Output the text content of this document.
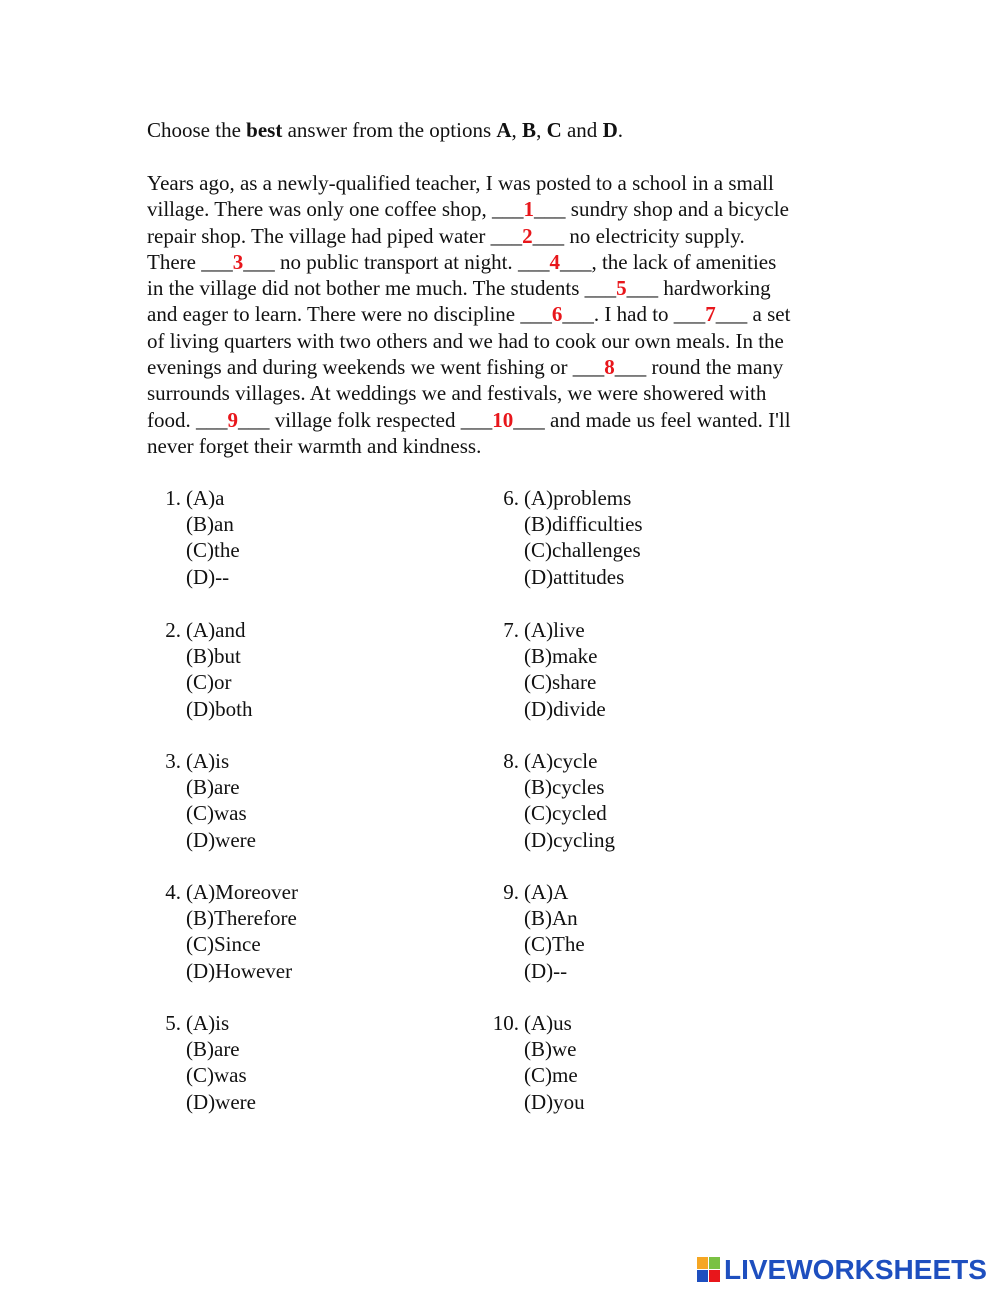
Choose the best answer from the options A, B, C and D.

Years ago, as a newly-qualified teacher, I was posted to a school in a small
village. There was only one coffee shop, ___1___ sundry shop and a bicycle
repair shop. The village had piped water ___2___ no electricity supply.
There ___3___ no public transport at night. ___4___, the lack of amenities
in the village did not bother me much. The students ___5___ hardworking
and eager to learn. There were no discipline ___6___. I had to ___7___ a set
of living quarters with two others and we had to cook our own meals. In the
evenings and during weekends we went fishing or ___8___ round the many
surrounds villages. At weddings we and festivals, we were showered with
food. ___9___ village folk respected ___10___ and made us feel wanted. I'll
never forget their warmth and kindness.
1. (A)a
(B)an
(C)the
(D)--
2. (A)and
(B)but
(C)or
(D)both
3. (A)is
(B)are
(C)was
(D)were
4. (A)Moreover
(B)Therefore
(C)Since
(D)However
5. (A)is
(B)are
(C)was
(D)were
6. (A)problems
(B)difficulties
(C)challenges
(D)attitudes
7. (A)live
(B)make
(C)share
(D)divide
8. (A)cycle
(B)cycles
(C)cycled
(D)cycling
9. (A)A
(B)An
(C)The
(D)--
10. (A)us
(B)we
(C)me
(D)you
LIVEWORKSHEETS
